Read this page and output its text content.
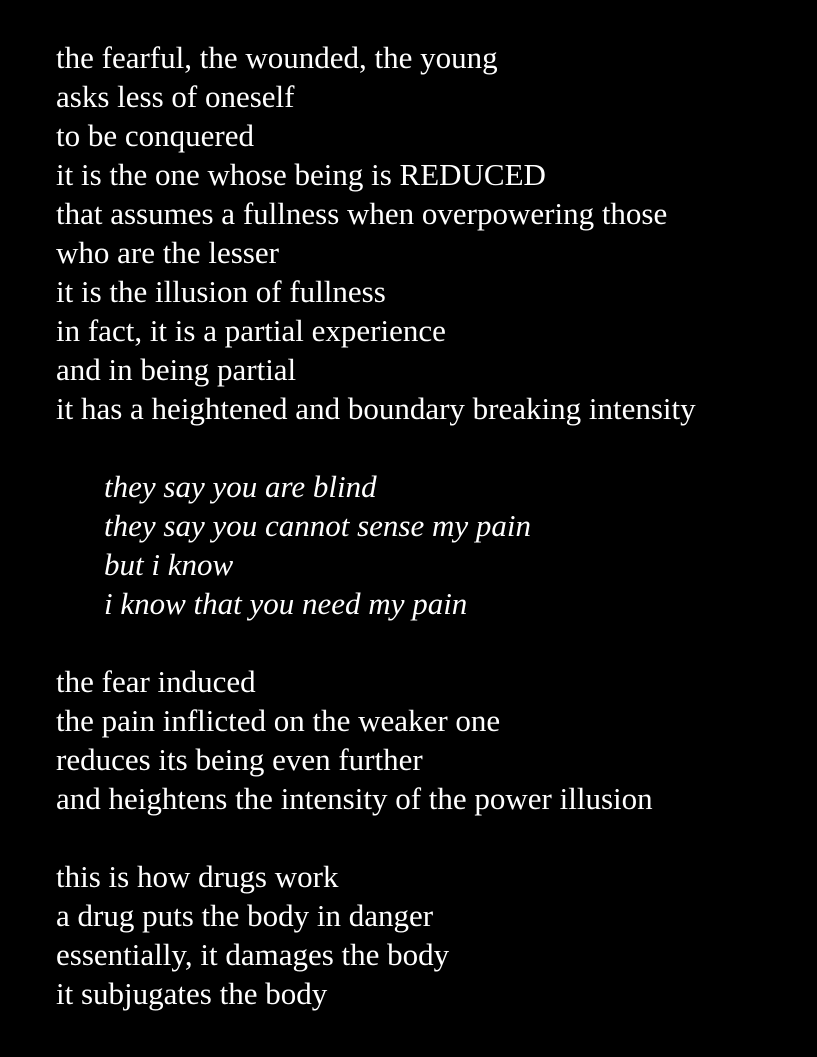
the fearful, the wounded, the young
asks less of oneself
to be conquered
it is the one whose being is REDUCED
that assumes a fullness when overpowering those
who are the lesser
it is the illusion of fullness
in fact, it is a partial experience
and in being partial
it has a heightened and boundary breaking intensity
they say you are blind
they say you cannot sense my pain
but i know
i know that you need my pain
the fear induced
the pain inflicted on the weaker one
reduces its being even further
and heightens the intensity of the power illusion
this is how drugs work
a drug puts the body in danger
essentially, it damages the body
it subjugates the body
